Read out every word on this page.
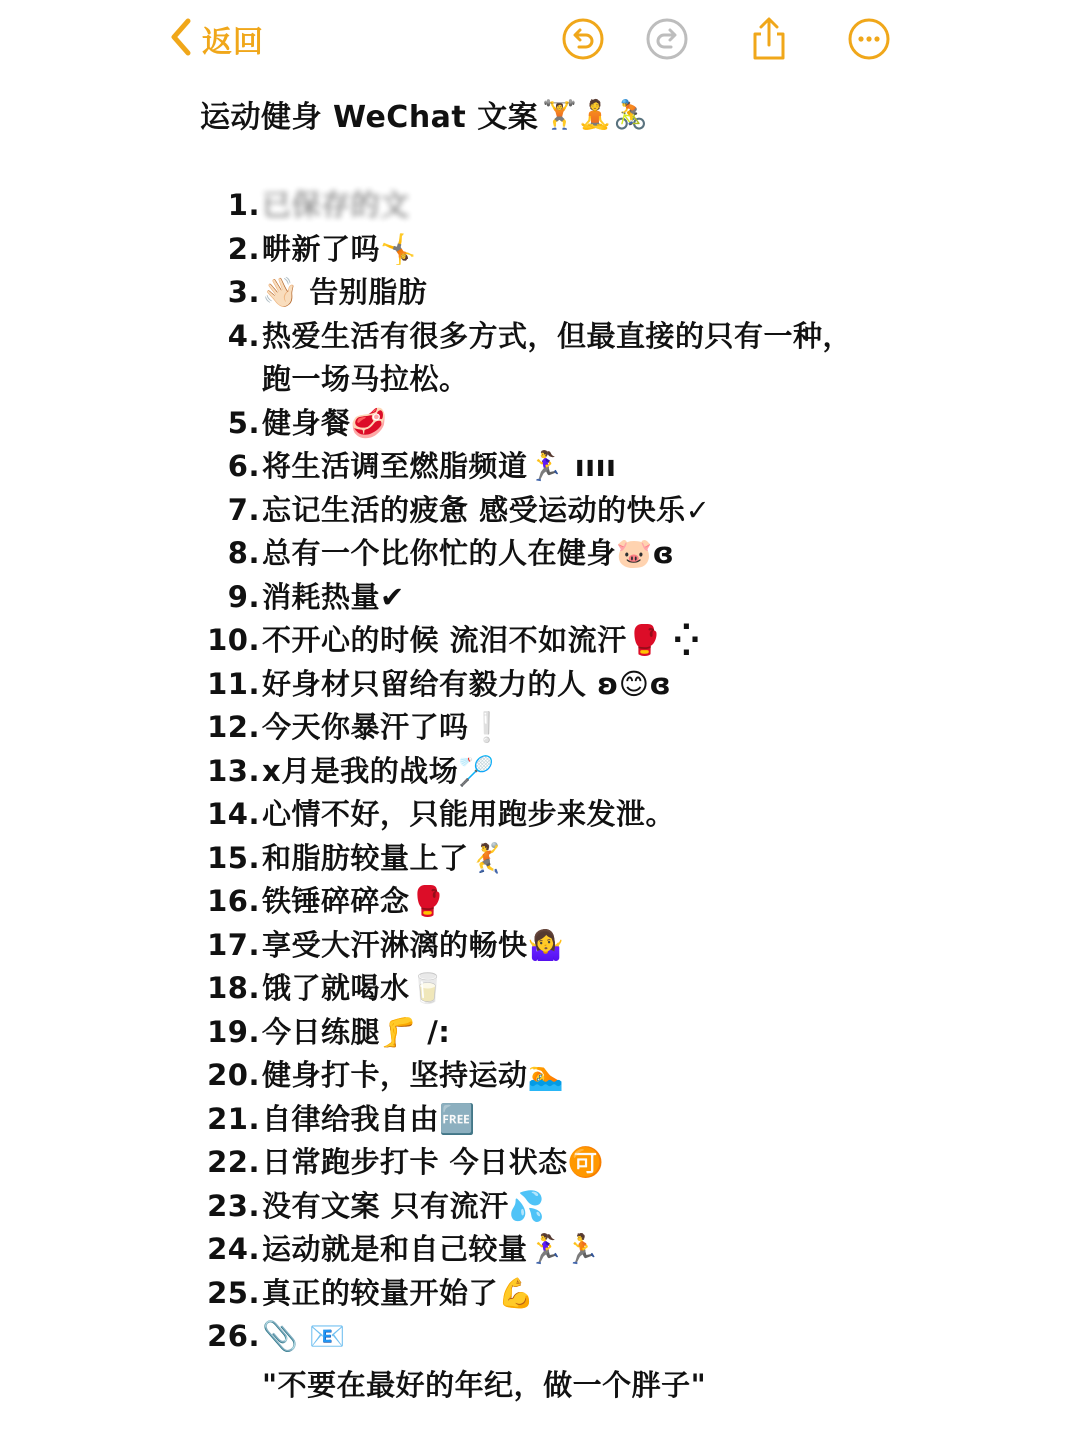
返回
运动健身 WeChat 文案 🏋️🧘🚴
1. 已保存的文
2. 畊新了吗🤸
3. 👋🏻 告别脂肪
4. 热爱生活有很多方式，但最直接的只有一种，跑一场马拉松。
5. 健身餐🥩
6. 将生活调至燃脂频道🏃‍♀️ ıııı
7. 忘记生活的疲惫 感受运动的快乐✓
8. 总有一个比你忙的人在健身🐷ɞ
9. 消耗热量✔
10. 不开心的时候 流泪不如流汗🥊 ⁛
11. 好身材只留给有毅力的人 ʚ😊ɞ
12. 今天你暴汗了吗❕
13. x月是我的战场🏸
14. 心情不好，只能用跑步来发泄。
15. 和脂肪较量上了🤾
16. 铁锤碎碎念🥊
17. 享受大汗淋漓的畅快🤷‍♀️
18. 饿了就喝水🥛
19. 今日练腿🦵 /:
20. 健身打卡，坚持运动🏊
21. 自律给我自由🆓
22. 日常跑步打卡 今日状态🉑
23. 没有文案 只有流汗💦
24. 运动就是和自己较量🏃‍♀️🏃
25. 真正的较量开始了💪
26. 📎 📧
"不要在最好的年纪，做一个胖子"
